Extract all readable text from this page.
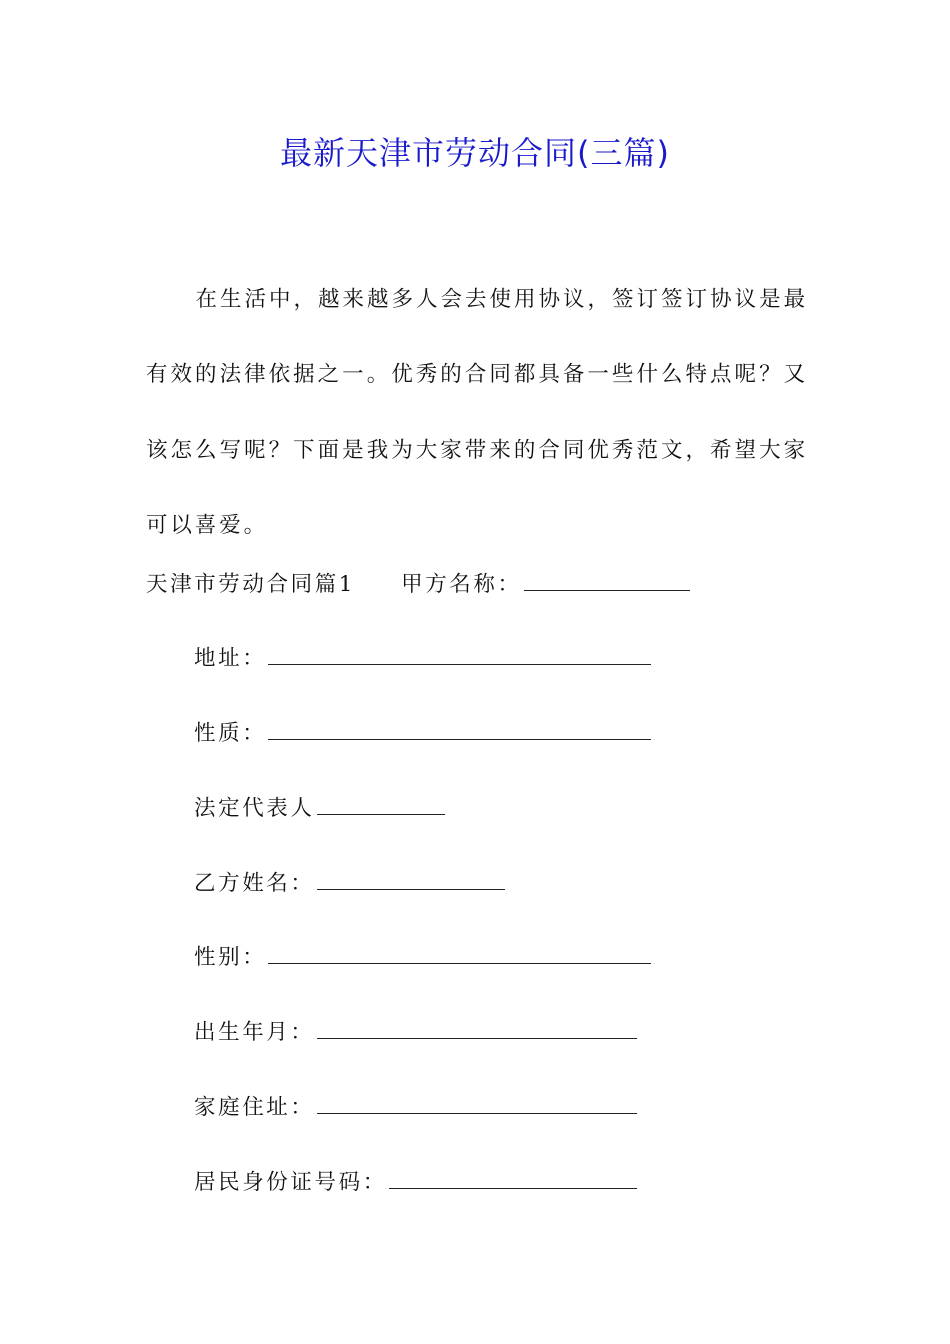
最新天津市劳动合同(三篇)

在生活中，越来越多人会去使用协议，签订签订协议是最有效的法律依据之一。优秀的合同都具备一些什么特点呢？又该怎么写呢？下面是我为大家带来的合同优秀范文，希望大家可以喜爱。

天津市劳动合同篇1 甲方名称：
地址：
性质：
法定代表人
乙方姓名：
性别：
出生年月：
家庭住址：
居民身份证号码：
